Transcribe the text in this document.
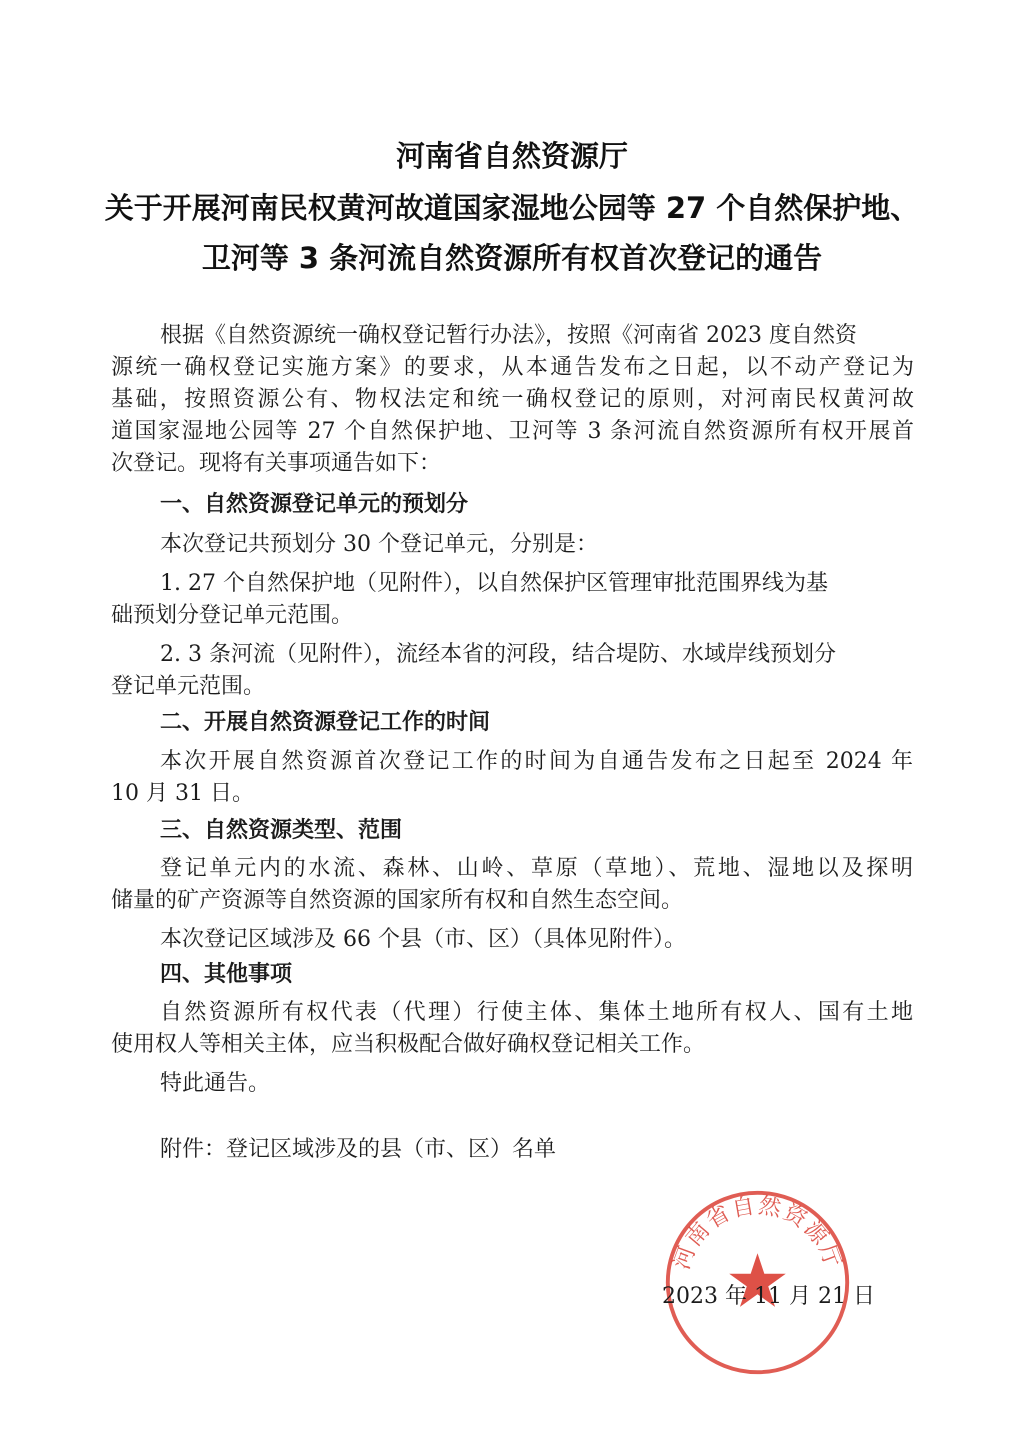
河南省自然资源厅
关于开展河南民权黄河故道国家湿地公园等 27 个自然保护地、
卫河等 3 条河流自然资源所有权首次登记的通告
根据《自然资源统一确权登记暂行办法》，按照《河南省 2023 度自然资
源统一确权登记实施方案》的要求，从本通告发布之日起，以不动产登记为
基础，按照资源公有、物权法定和统一确权登记的原则，对河南民权黄河故
道国家湿地公园等 27 个自然保护地、卫河等 3 条河流自然资源所有权开展首
次登记。现将有关事项通告如下：
一、自然资源登记单元的预划分
本次登记共预划分 30 个登记单元，分别是：
1. 27 个自然保护地（见附件），以自然保护区管理审批范围界线为基
础预划分登记单元范围。
2. 3 条河流（见附件），流经本省的河段，结合堤防、水域岸线预划分
登记单元范围。
二、开展自然资源登记工作的时间
本次开展自然资源首次登记工作的时间为自通告发布之日起至 2024 年
10 月 31 日。
三、自然资源类型、范围
登记单元内的水流、森林、山岭、草原（草地）、荒地、湿地以及探明
储量的矿产资源等自然资源的国家所有权和自然生态空间。
本次登记区域涉及 66 个县（市、区）（具体见附件）。
四、其他事项
自然资源所有权代表（代理）行使主体、集体土地所有权人、国有土地
使用权人等相关主体，应当积极配合做好确权登记相关工作。
特此通告。
附件：登记区域涉及的县（市、区）名单
河南省自然资源厅
2023 年 11 月 21 日
